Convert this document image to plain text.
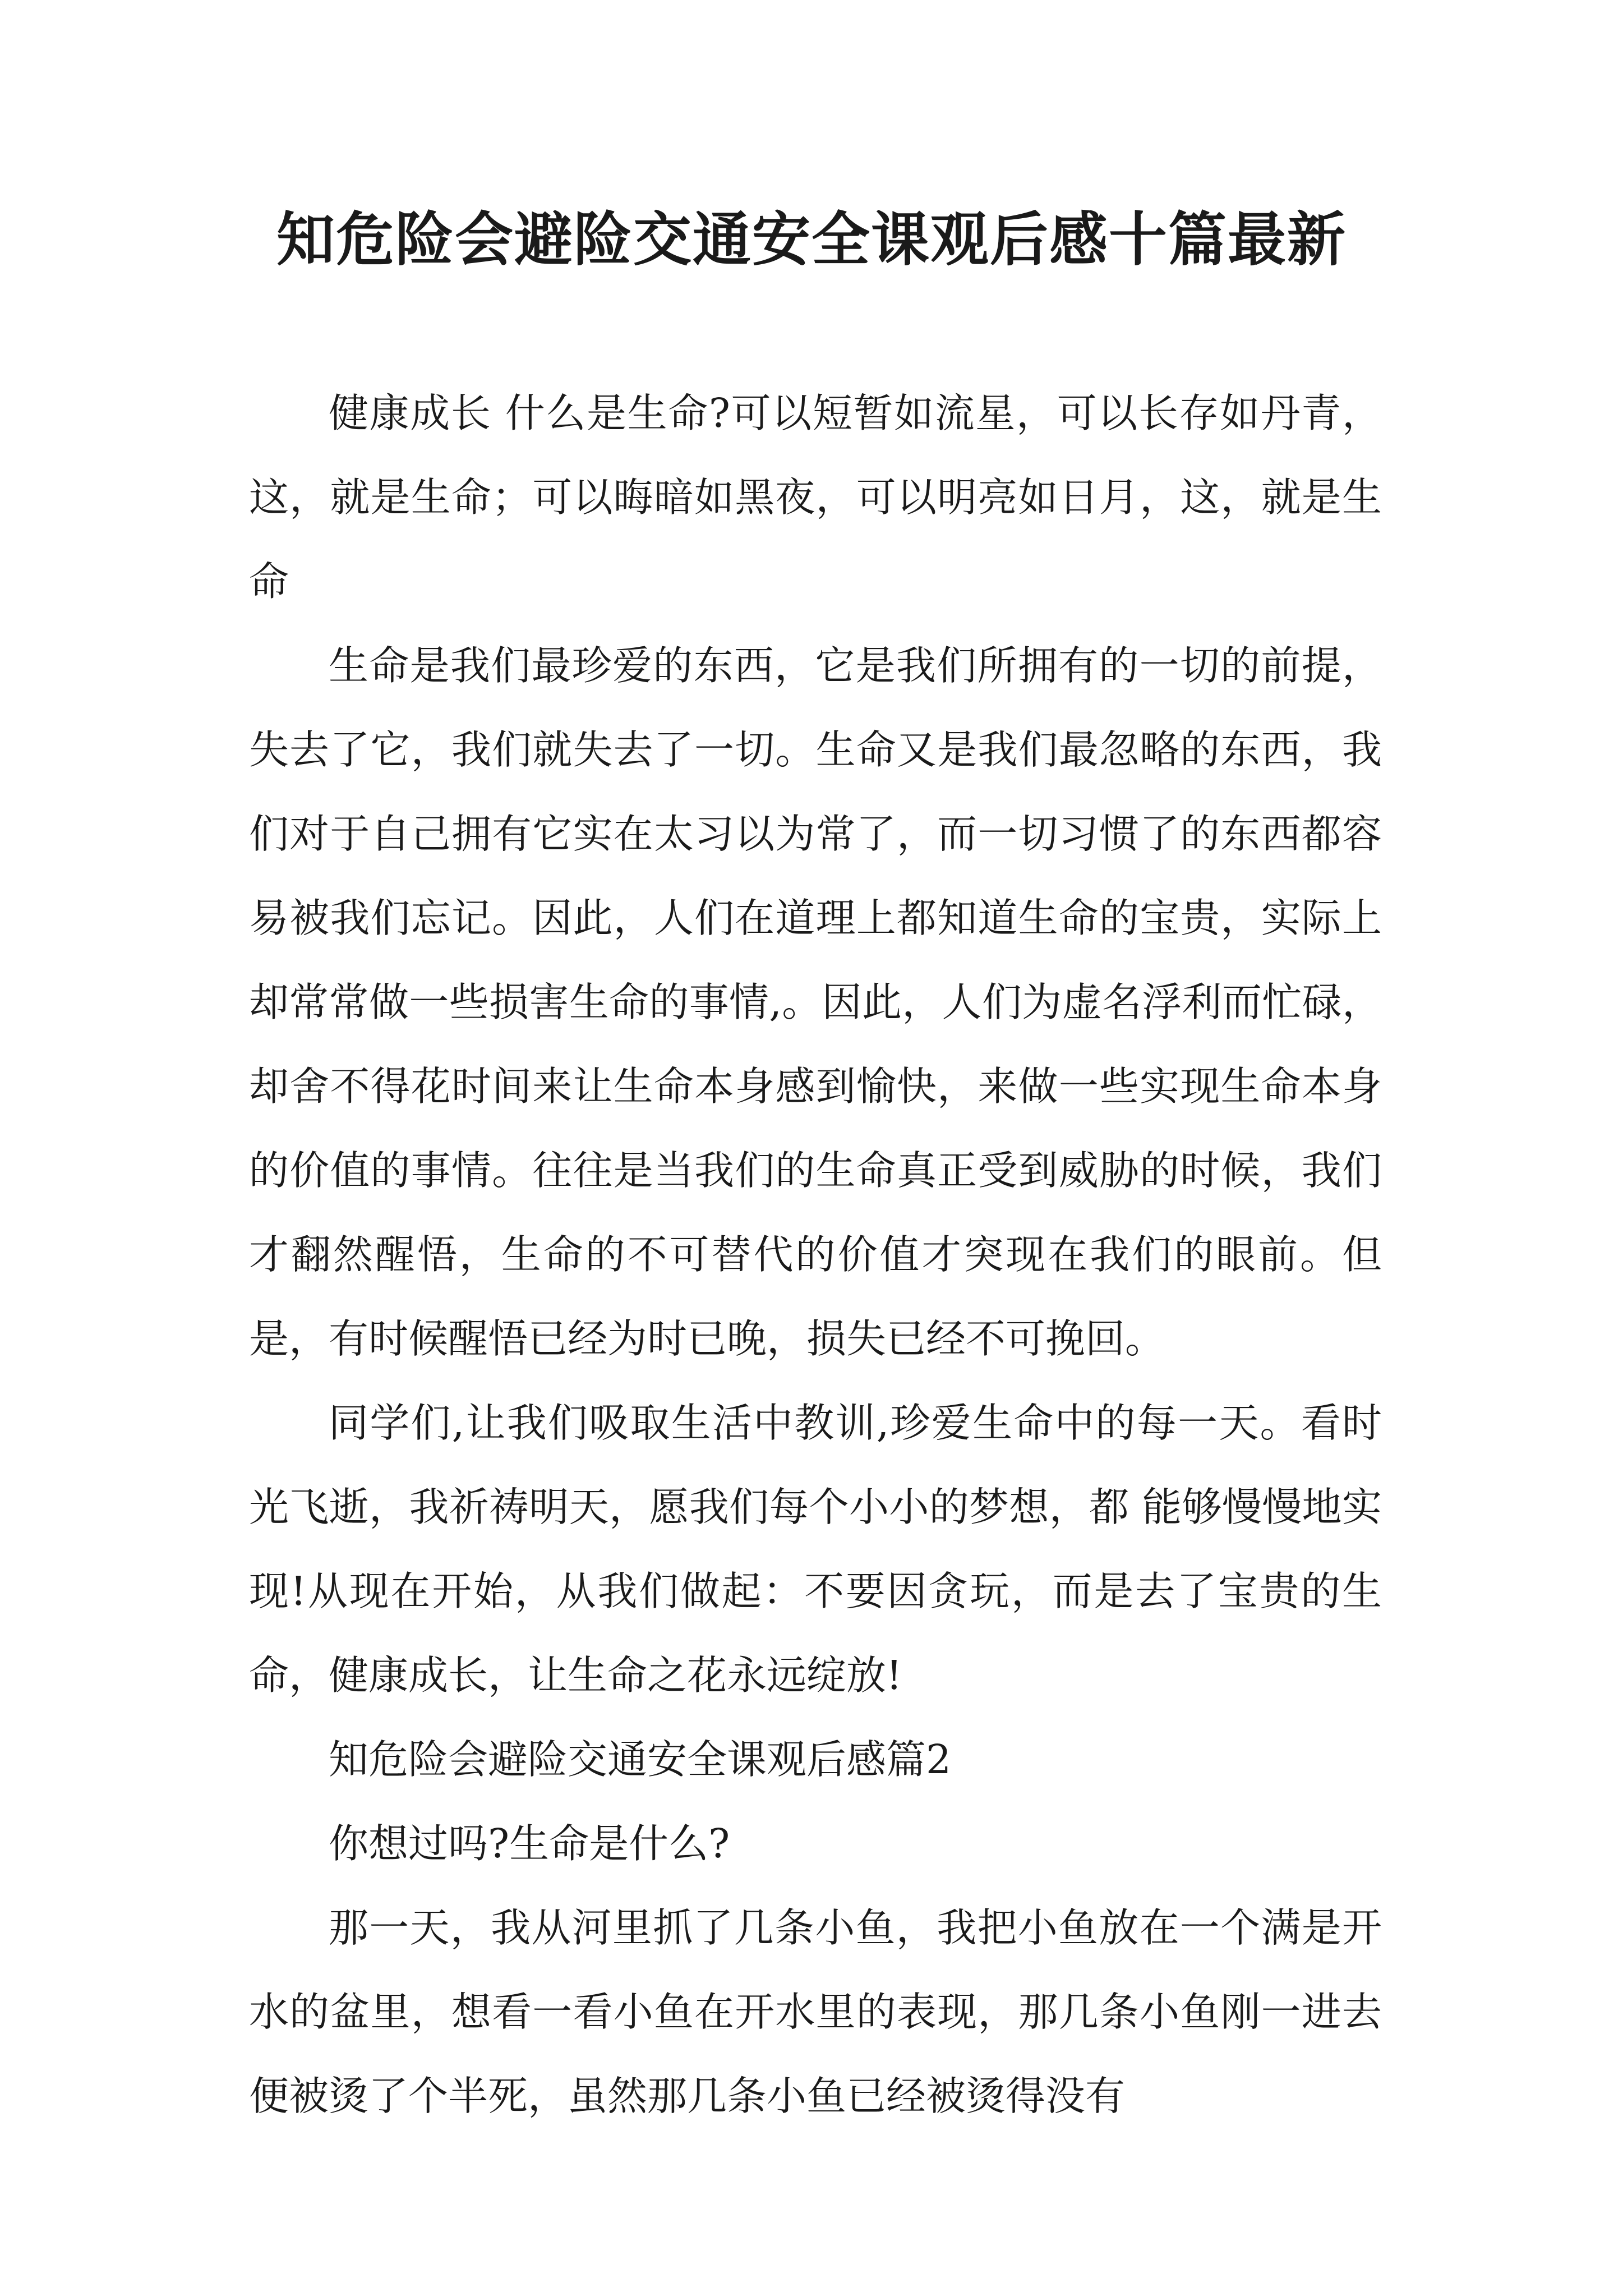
知危险会避险交通安全课观后感十篇最新

健康成长 什么是生命?可以短暂如流星，可以长存如丹青，这，就是生命；可以晦暗如黑夜，可以明亮如日月，这，就是生命

生命是我们最珍爱的东西，它是我们所拥有的一切的前提，失去了它，我们就失去了一切。生命又是我们最忽略的东西，我们对于自己拥有它实在太习以为常了，而一切习惯了的东西都容易被我们忘记。因此，人们在道理上都知道生命的宝贵，实际上却常常做一些损害生命的事情,。因此，人们为虚名浮利而忙碌，却舍不得花时间来让生命本身感到愉快，来做一些实现生命本身的价值的事情。往往是当我们的生命真正受到威胁的时候，我们才翻然醒悟，生命的不可替代的价值才突现在我们的眼前。但是，有时候醒悟已经为时已晚，损失已经不可挽回。

同学们,让我们吸取生活中教训,珍爱生命中的每一天。看时光飞逝，我祈祷明天，愿我们每个小小的梦想，都 能够慢慢地实现!从现在开始，从我们做起：不要因贪玩，而是去了宝贵的生命，健康成长，让生命之花永远绽放!

知危险会避险交通安全课观后感篇2

你想过吗?生命是什么?

那一天，我从河里抓了几条小鱼，我把小鱼放在一个满是开水的盆里，想看一看小鱼在开水里的表现，那几条小鱼刚一进去便被烫了个半死，虽然那几条小鱼已经被烫得没有
